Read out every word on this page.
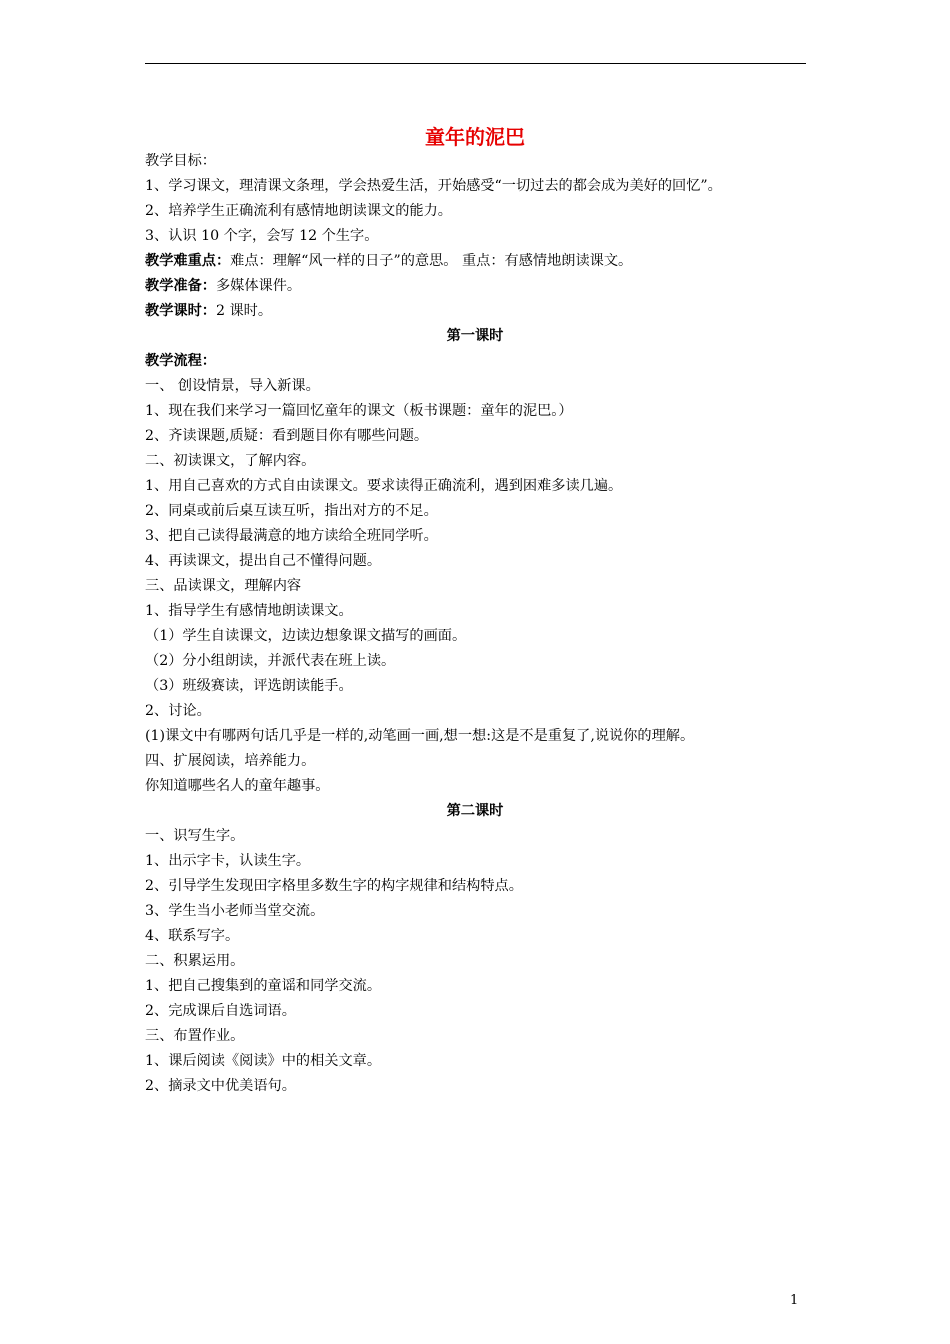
童年的泥巴
教学目标：
1、学习课文，理清课文条理，学会热爱生活，开始感受“一切过去的都会成为美好的回忆”。
2、培养学生正确流利有感情地朗读课文的能力。
3、认识 10 个字，会写 12 个生字。
教学难重点：难点：理解“风一样的日子”的意思。 重点：有感情地朗读课文。
教学准备：多媒体课件。
教学课时：2 课时。
第一课时
教学流程：
一、 创设情景，导入新课。
1、现在我们来学习一篇回忆童年的课文（板书课题：童年的泥巴。）
2、齐读课题,质疑：看到题目你有哪些问题。
二、初读课文，了解内容。
1、用自己喜欢的方式自由读课文。要求读得正确流利，遇到困难多读几遍。
2、同桌或前后桌互读互听，指出对方的不足。
3、把自己读得最满意的地方读给全班同学听。
4、再读课文，提出自己不懂得问题。
三、品读课文，理解内容
1、指导学生有感情地朗读课文。
（1）学生自读课文，边读边想象课文描写的画面。
（2）分小组朗读，并派代表在班上读。
（3）班级赛读，评选朗读能手。
2、讨论。
(1)课文中有哪两句话几乎是一样的,动笔画一画,想一想:这是不是重复了,说说你的理解。
四、扩展阅读，培养能力。
你知道哪些名人的童年趣事。
第二课时
一、识写生字。
1、出示字卡，认读生字。
2、引导学生发现田字格里多数生字的构字规律和结构特点。
3、学生当小老师当堂交流。
4、联系写字。
二、积累运用。
1、把自己搜集到的童谣和同学交流。
2、完成课后自选词语。
三、布置作业。
1、课后阅读《阅读》中的相关文章。
2、摘录文中优美语句。
1
